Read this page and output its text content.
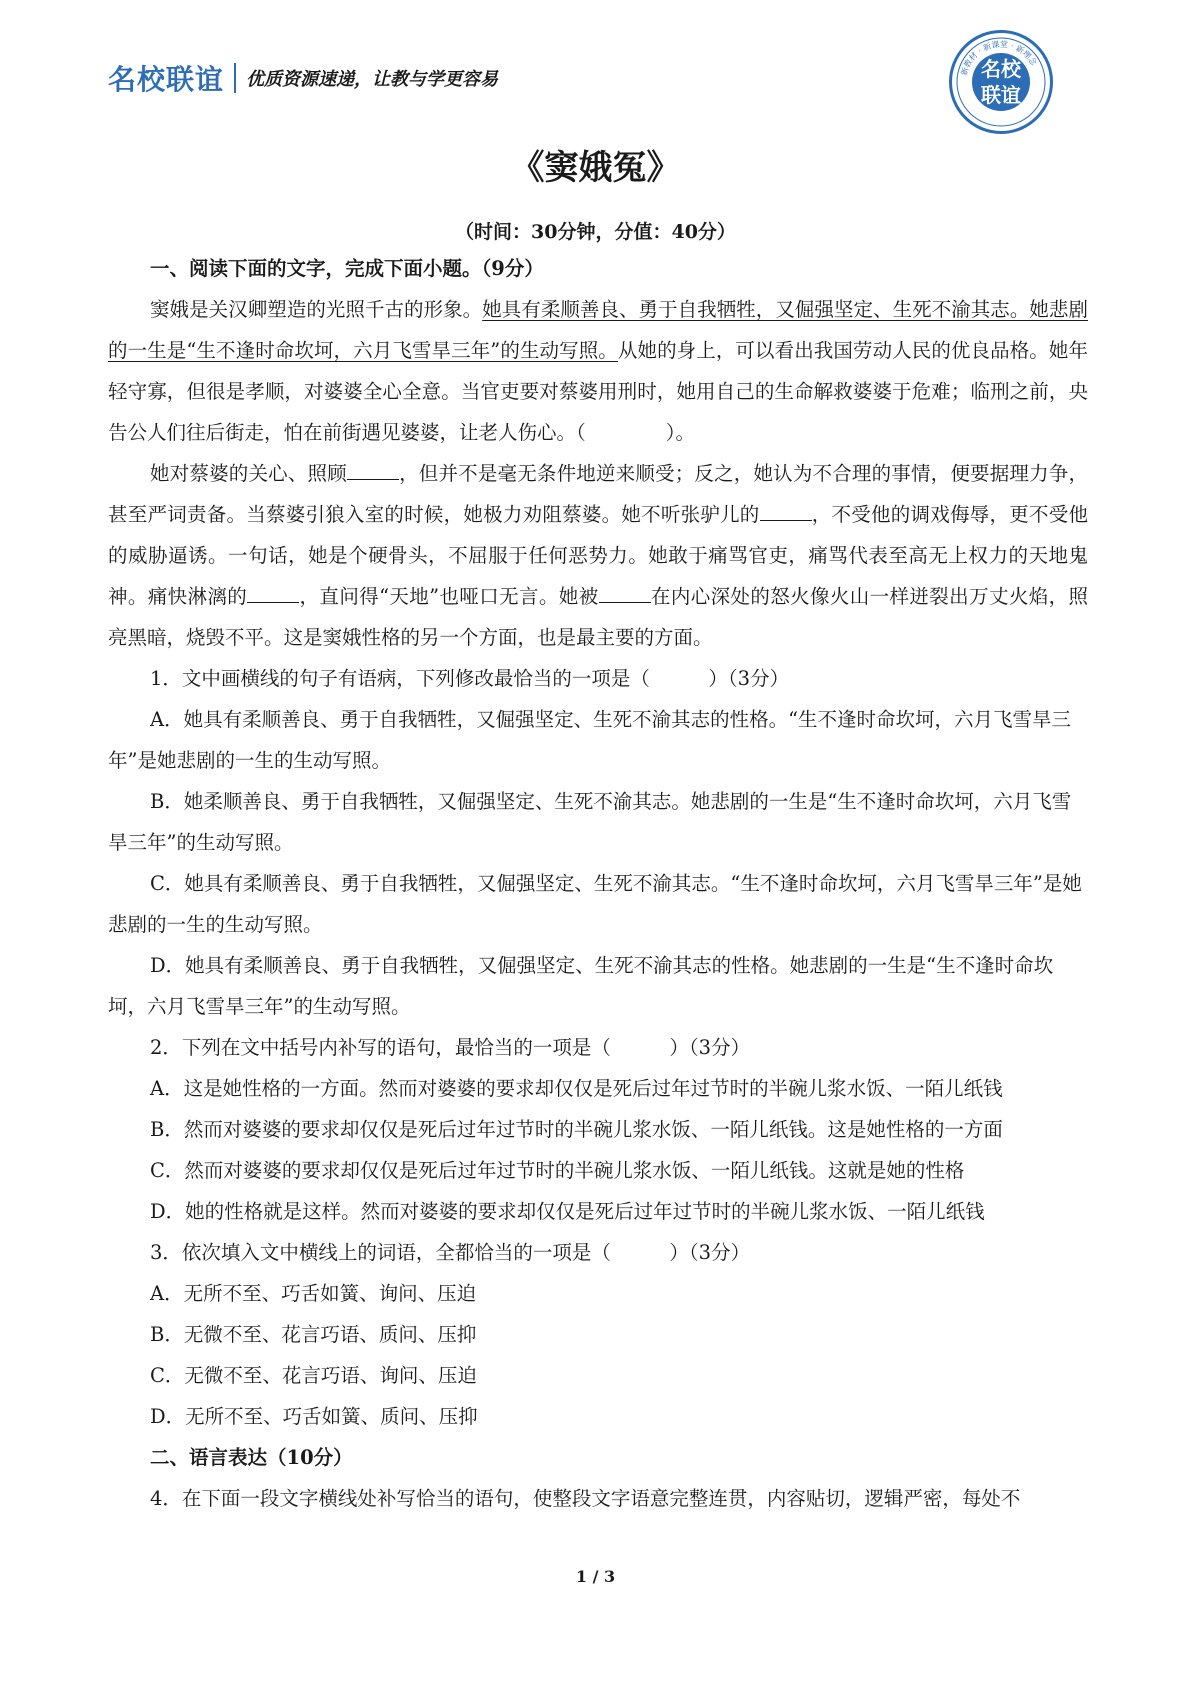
名校联谊 优质资源速递，让教与学更容易	新教材 · 新课堂 · 新理念
名校联谊
《窦娥冤》
（时间：30分钟，分值：40分）

一、阅读下面的文字，完成下面小题。（9分）

窦娥是关汉卿塑造的光照千古的形象。她具有柔顺善良、勇于自我牺牲，又倔强坚定、生死不渝其志。她悲剧的一生是“生不逢时命坎坷，六月飞雪旱三年”的生动写照。从她的身上，可以看出我国劳动人民的优良品格。她年轻守寡，但很是孝顺，对婆婆全心全意。当官吏要对蔡婆用刑时，她用自己的生命解救婆婆于危难；临刑之前，央告公人们往后街走，怕在前街遇见婆婆，让老人伤心。（	）。

她对蔡婆的关心、照顾	，但并不是毫无条件地逆来顺受；反之，她认为不合理的事情，便要据理力争，甚至严词责备。当蔡婆引狼入室的时候，她极力劝阻蔡婆。她不听张驴儿的	，不受他的调戏侮辱，更不受他的威胁逼诱。一句话，她是个硬骨头，不屈服于任何恶势力。她敢于痛骂官吏，痛骂代表至高无上权力的天地鬼神。痛快淋漓的	，直问得“天地”也哑口无言。她被	在内心深处的怒火像火山一样迸裂出万丈火焰，照亮黑暗，烧毁不平。这是窦娥性格的另一个方面，也是最主要的方面。

1．文中画横线的句子有语病，下列修改最恰当的一项是（　　　）（3分）

A．她具有柔顺善良、勇于自我牺牲，又倔强坚定、生死不渝其志的性格。“生不逢时命坎坷，六月飞雪旱三年”是她悲剧的一生的生动写照。

B．她柔顺善良、勇于自我牺牲，又倔强坚定、生死不渝其志。她悲剧的一生是“生不逢时命坎坷，六月飞雪旱三年”的生动写照。

C．她具有柔顺善良、勇于自我牺牲，又倔强坚定、生死不渝其志。“生不逢时命坎坷，六月飞雪旱三年”是她悲剧的一生的生动写照。

D．她具有柔顺善良、勇于自我牺牲，又倔强坚定、生死不渝其志的性格。她悲剧的一生是“生不逢时命坎坷，六月飞雪旱三年”的生动写照。

2．下列在文中括号内补写的语句，最恰当的一项是（　　　）（3分）

A．这是她性格的一方面。然而对婆婆的要求却仅仅是死后过年过节时的半碗儿浆水饭、一陌儿纸钱

B．然而对婆婆的要求却仅仅是死后过年过节时的半碗儿浆水饭、一陌儿纸钱。这是她性格的一方面

C．然而对婆婆的要求却仅仅是死后过年过节时的半碗儿浆水饭、一陌儿纸钱。这就是她的性格

D．她的性格就是这样。然而对婆婆的要求却仅仅是死后过年过节时的半碗儿浆水饭、一陌儿纸钱

3．依次填入文中横线上的词语，全都恰当的一项是（　　　）（3分）

A．无所不至、巧舌如簧、询问、压迫

B．无微不至、花言巧语、质问、压抑

C．无微不至、花言巧语、询问、压迫

D．无所不至、巧舌如簧、质问、压抑

二、语言表达（10分）

4．在下面一段文字横线处补写恰当的语句，使整段文字语意完整连贯，内容贴切，逻辑严密，每处不

1 / 3
